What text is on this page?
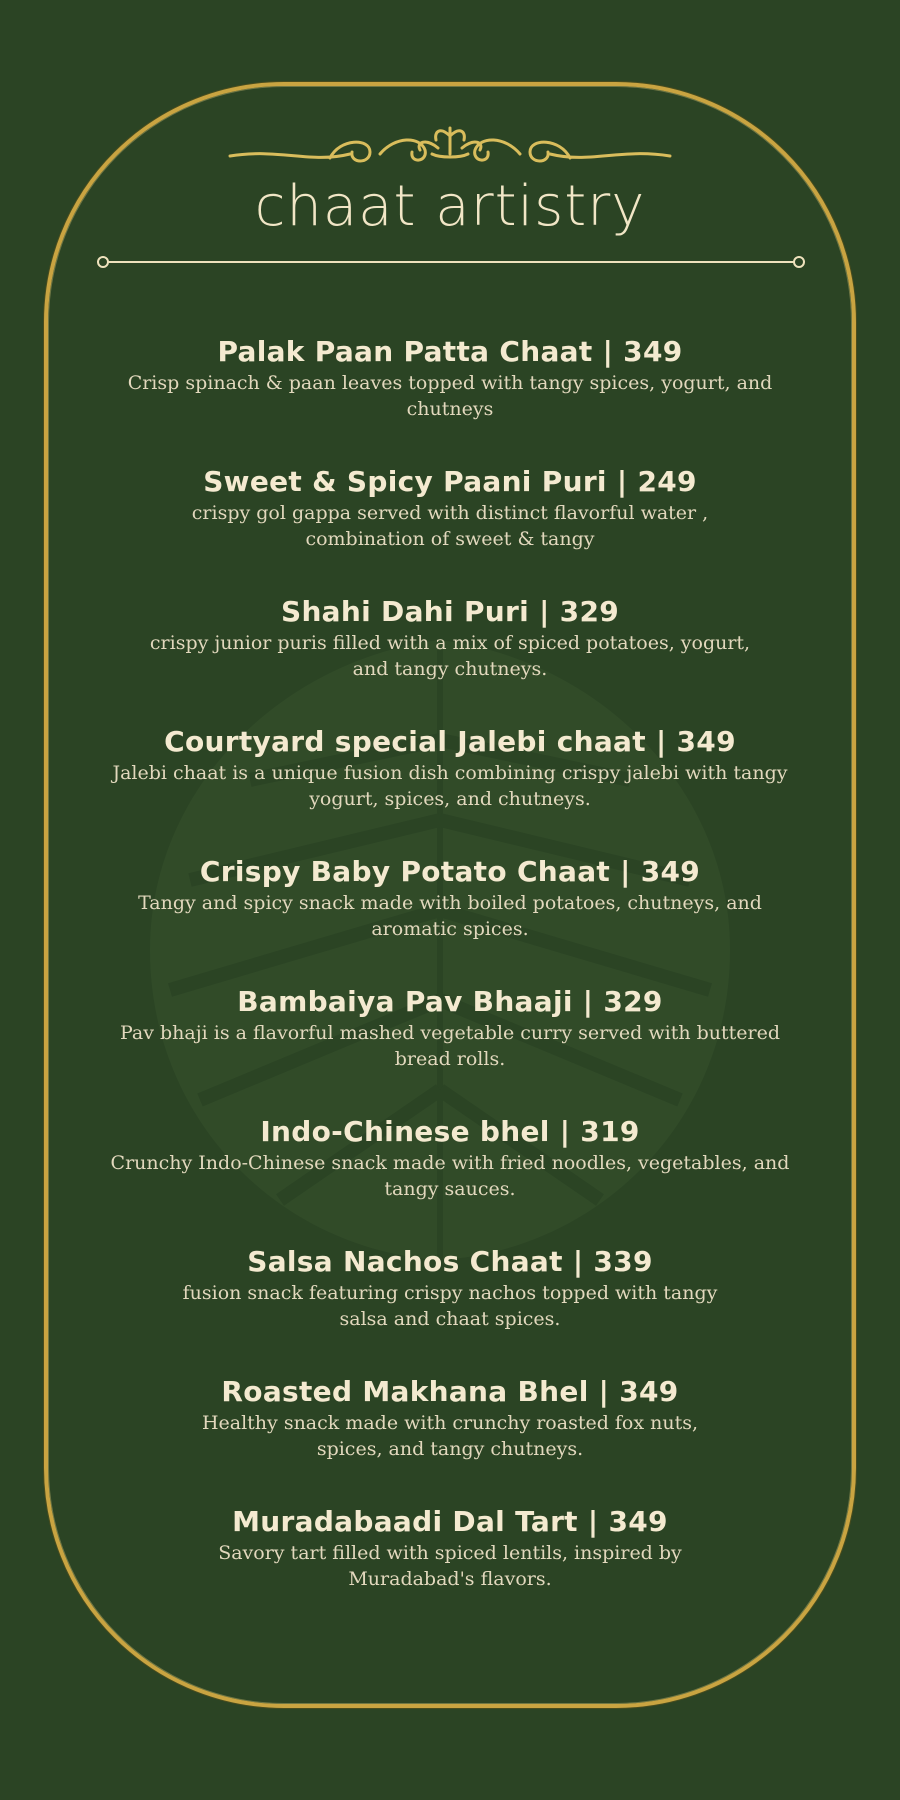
chaat artistry
Palak Paan Patta Chaat | 349
Crisp spinach & paan leaves topped with tangy spices, yogurt, and chutneys
Sweet & Spicy Paani Puri | 249
crispy gol gappa served with distinct flavorful water , combination of sweet & tangy
Shahi Dahi Puri | 329
crispy junior puris filled with a mix of spiced potatoes, yogurt, and tangy chutneys.
Courtyard special Jalebi chaat | 349
Jalebi chaat is a unique fusion dish combining crispy jalebi with tangy yogurt, spices, and chutneys.
Crispy Baby Potato Chaat | 349
Tangy and spicy snack made with boiled potatoes, chutneys, and aromatic spices.
Bambaiya Pav Bhaaji | 329
Pav bhaji is a flavorful mashed vegetable curry served with buttered bread rolls.
Indo-Chinese bhel | 319
Crunchy Indo-Chinese snack made with fried noodles, vegetables, and tangy sauces.
Salsa Nachos Chaat | 339
fusion snack featuring crispy nachos topped with tangy salsa and chaat spices.
Roasted Makhana Bhel | 349
Healthy snack made with crunchy roasted fox nuts, spices, and tangy chutneys.
Muradabaadi Dal Tart | 349
Savory tart filled with spiced lentils, inspired by Muradabad's flavors.
